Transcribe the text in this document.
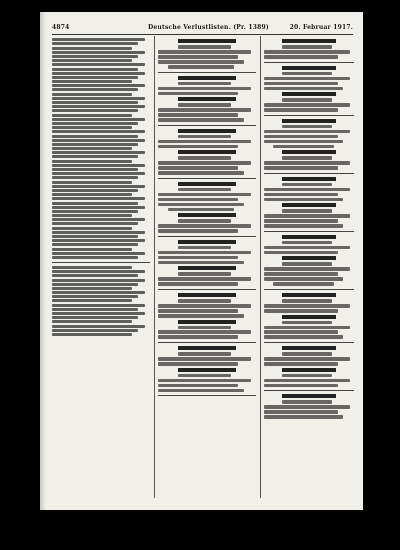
4874	Deutsche Verlustlisten. (Pr. 1389)	20. Februar 1917.
